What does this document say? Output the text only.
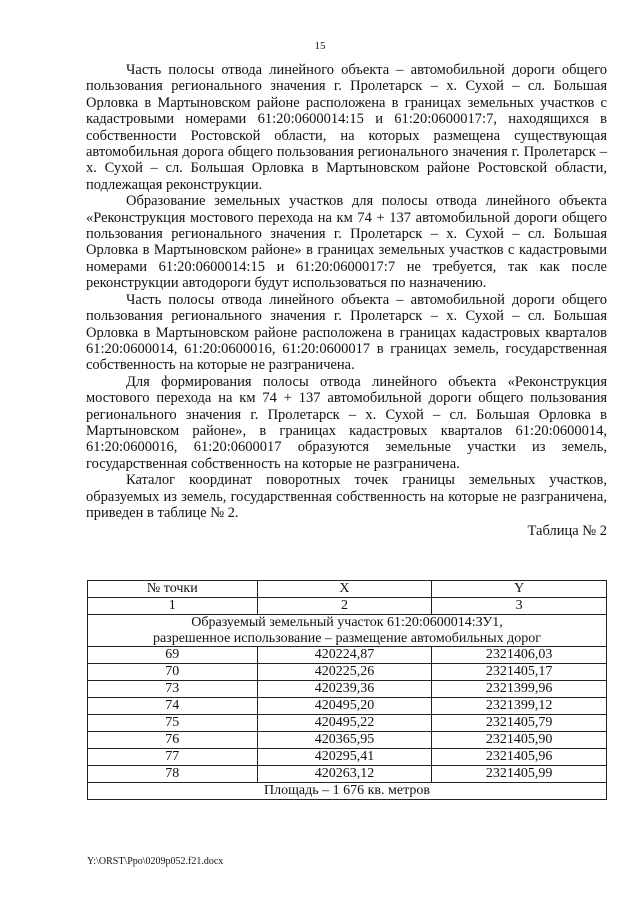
15

Часть полосы отвода линейного объекта – автомобильной дороги общего пользования регионального значения г. Пролетарск – х. Сухой – сл. Большая Орловка в Мартыновском районе расположена в границах земельных участков с кадастровыми номерами 61:20:0600014:15 и 61:20:0600017:7, находящихся в собственности Ростовской области, на которых размещена существующая автомобильная дорога общего пользования регионального значения г. Пролетарск – х. Сухой – сл. Большая Орловка в Мартыновском районе Ростовской области, подлежащая реконструкции.

Образование земельных участков для полосы отвода линейного объекта «Реконструкция мостового перехода на км 74 + 137 автомобильной дороги общего пользования регионального значения г. Пролетарск – х. Сухой – сл. Большая Орловка в Мартыновском районе» в границах земельных участков с кадастровыми номерами 61:20:0600014:15 и 61:20:0600017:7 не требуется, так как после реконструкции автодороги будут использоваться по назначению.

Часть полосы отвода линейного объекта – автомобильной дороги общего пользования регионального значения г. Пролетарск – х. Сухой – сл. Большая Орловка в Мартыновском районе расположена в границах кадастровых кварталов 61:20:0600014, 61:20:0600016, 61:20:0600017 в границах земель, государственная собственность на которые не разграничена.

Для формирования полосы отвода линейного объекта «Реконструкция мостового перехода на км 74 + 137 автомобильной дороги общего пользования регионального значения г. Пролетарск – х. Сухой – сл. Большая Орловка в Мартыновском районе», в границах кадастровых кварталов 61:20:0600014, 61:20:0600016, 61:20:0600017 образуются земельные участки из земель, государственная собственность на которые не разграничена.

Каталог координат поворотных точек границы земельных участков, образуемых из земель, государственная собственность на которые не разграничена, приведен в таблице № 2.

Таблица № 2

№ точки	X	Y
1	2	3

Образуемый земельный участок 61:20:0600014:ЗУ1,
разрешенное использование – размещение автомобильных дорог		

69	420224,87	2321406,03
70	420225,26	2321405,17
73	420239,36	2321399,96
74	420495,20	2321399,12
75	420495,22	2321405,79
76	420365,95	2321405,90
77	420295,41	2321405,96
78	420263,12	2321405,99
Площадь – 1 676 кв. метров		
Y:\ORST\Ppo\0209p052.f21.docx
